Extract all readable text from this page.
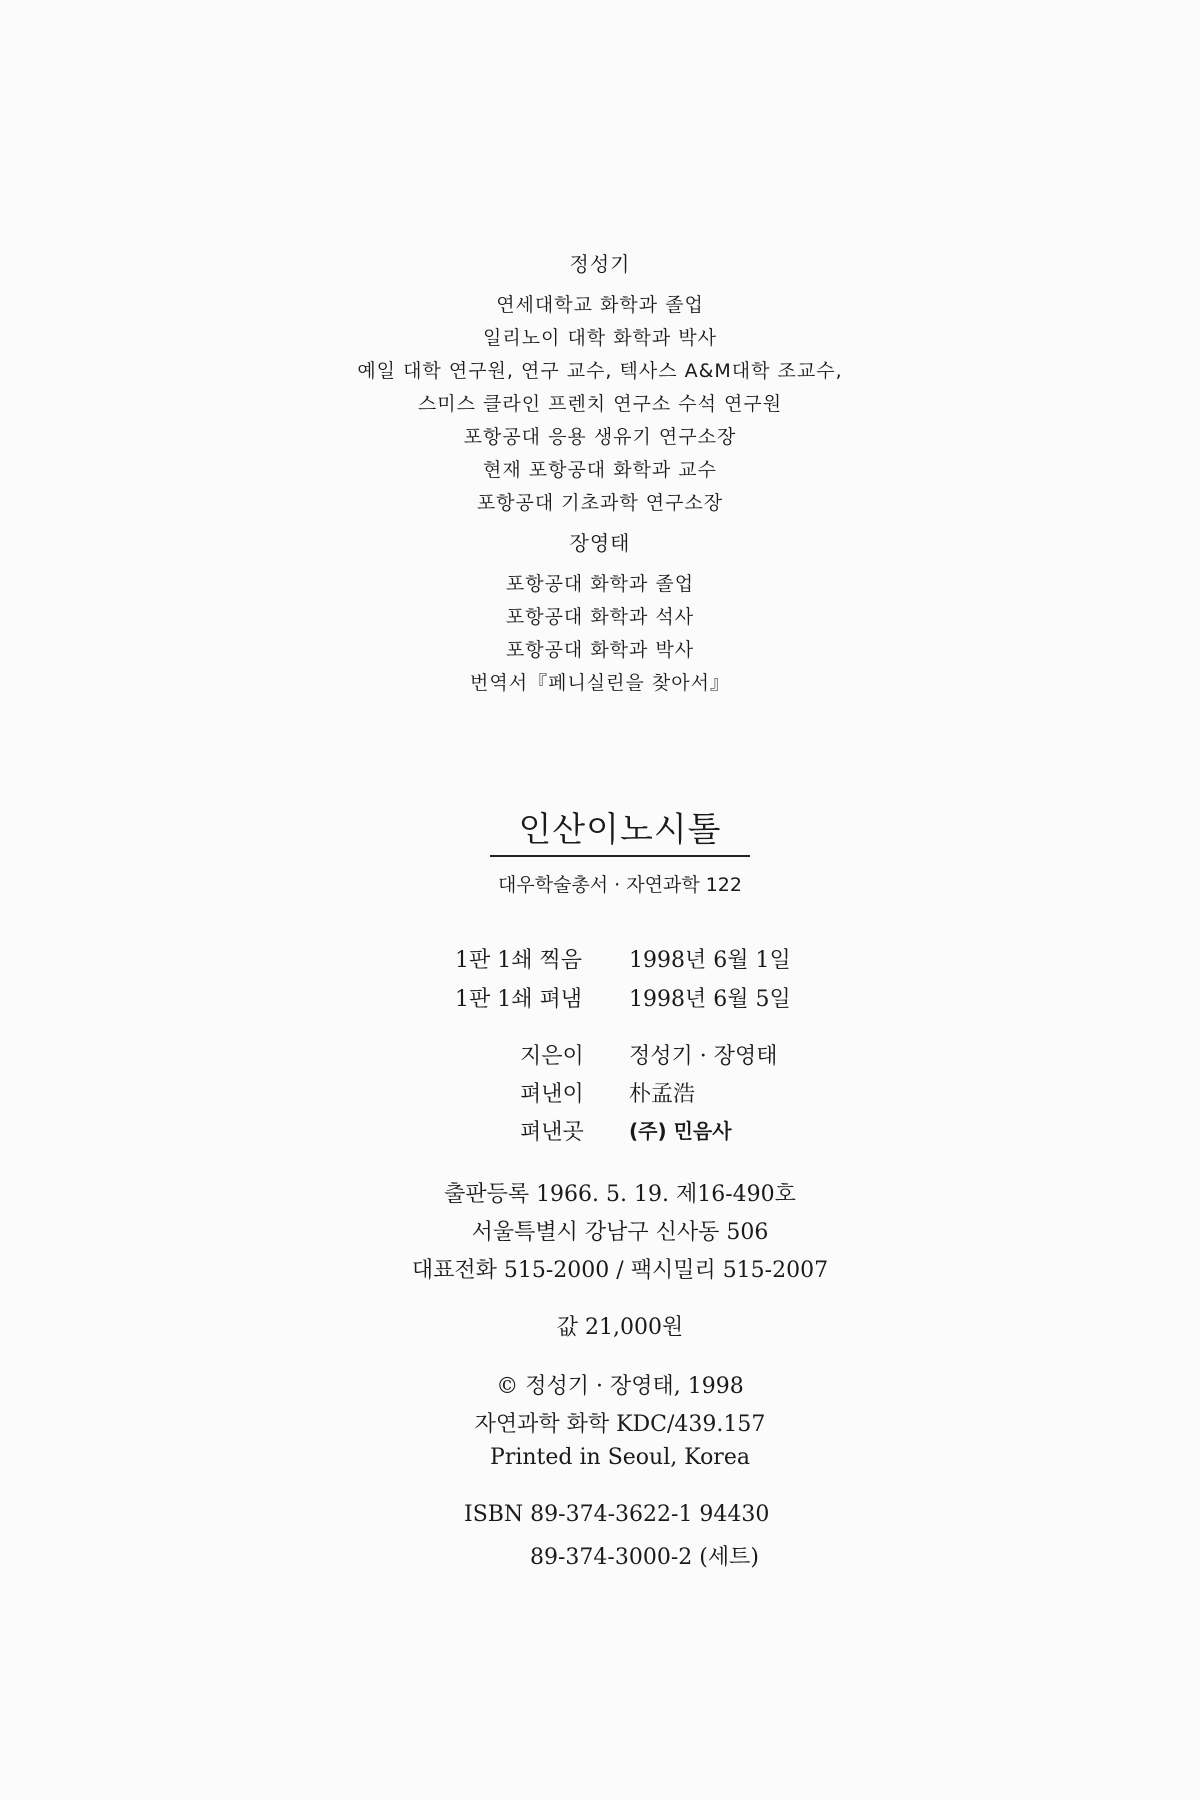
정성기
연세대학교 화학과 졸업
일리노이 대학 화학과 박사
예일 대학 연구원, 연구 교수, 텍사스 A&M대학 조교수,
스미스 클라인 프렌치 연구소 수석 연구원
포항공대 응용 생유기 연구소장
현재 포항공대 화학과 교수
포항공대 기초과학 연구소장
장영태
포항공대 화학과 졸업
포항공대 화학과 석사
포항공대 화학과 박사
번역서『페니실린을 찾아서』
인산이노시톨
대우학술총서 · 자연과학 122
1판 1쇄 찍음 1998년 6월 1일
1판 1쇄 펴냄 1998년 6월 5일
지은이 정성기 · 장영태
펴낸이 朴孟浩
펴낸곳 (주) 민음사
출판등록 1966. 5. 19. 제16-490호
서울특별시 강남구 신사동 506
대표전화 515-2000 / 팩시밀리 515-2007
값 21,000원
© 정성기 · 장영태, 1998
자연과학 화학 KDC/439.157
Printed in Seoul, Korea
ISBN 89-374-3622-1 94430
89-374-3000-2 (세트)
